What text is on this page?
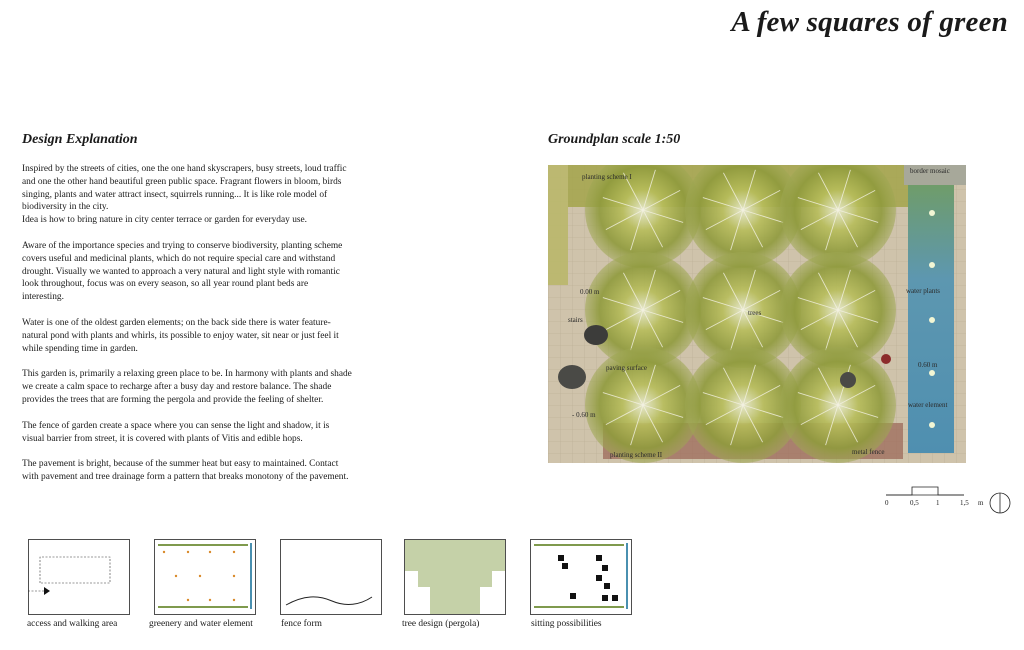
A few squares of green
Design Explanation

Inspired by the streets of cities, one the one hand skyscrapers, busy streets, loud traffic and one the other hand beautiful green public space. Fragrant flowers in bloom, birds singing, plants and water attract insect, squirrels running... It is like role model of biodiversity in the city.
Idea is how to bring nature in city center terrace or garden for everyday use.

Aware of the importance species and trying to conserve biodiversity, planting scheme covers useful and medicinal plants, which do not require special care and withstand drought. Visually we wanted to approach a very natural and light style with romantic look throughout, focus was on every season, so all year round plant beds are interesting.

Water is one of the oldest garden elements; on the back side there is water feature- natural pond with plants and whirls, its possible to enjoy water, sit near or just feel it while spending time in garden.

This garden is, primarily a relaxing green place to be. In harmony with plants and shade we create a calm space to recharge after a busy day and restore balance. The shade provides the trees that are forming the pergola and provide the feeling of shelter.

The fence of garden create a space where you can sense the light and shadow, it is visual barrier from street, it is covered with plants of Vitis and edible hops.

The pavement is bright, because of the summer heat but easy to maintained. Contact with pavement and tree drainage form a pattern that breaks monotony of the pavement.

Groundplan scale 1:50
planting scheme I
border mosaic
0.00 m	water plants
stairs
trees
paving surface	0.60 m
water element
- 0.60 m
planting scheme II	metal fence
0	0,5 1	1,5 m
access and walking area	greenery and water element	fence form	tree design (pergola)	sitting possibilities
